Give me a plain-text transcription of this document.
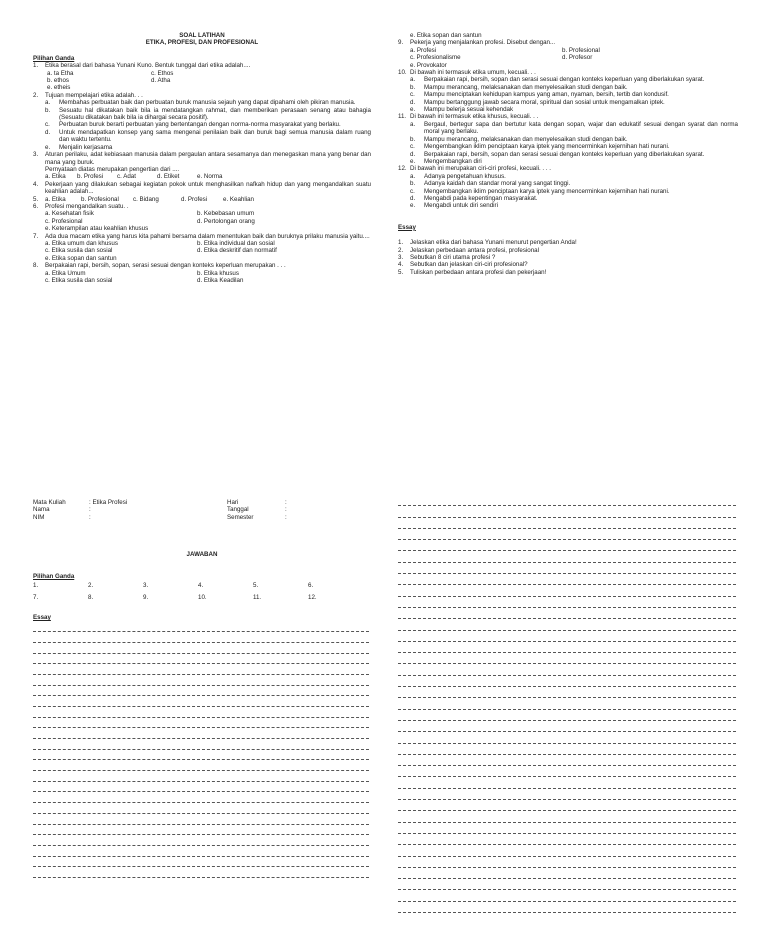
SOAL LATIHAN
ETIKA, PROFESI, DAN PROFESIONAL
Pilihan Ganda
1. Etika berasal dari bahasa Yunani Kuno. Bentuk tunggal dari etika adalah....
a. ta Etha	c. Ethos
b. ethos	d. Atha
e. etheis
2. Tujuan mempelajari etika adalah. . .
a. Membahas perbuatan baik dan perbuatan buruk manusia sejauh yang dapat dipahami oleh pikiran manusia.
b. Sesuatu hal dikatakan baik bila ia mendatangkan rahmat, dan memberikan perasaan senang atau bahagia (Sesuatu dikatakan baik bila ia dihargai secara positif).
c. Perbuatan buruk berarti perbuatan yang bertentangan dengan norma-norma masyarakat yang berlaku.
d. Untuk mendapatkan konsep yang sama mengenai penilaian baik dan buruk bagi semua manusia dalam ruang dan waktu tertentu.
e. Menjalin kerjasama
3. Aturan perilaku, adat kebiasaan manusia dalam pergaulan antara sesamanya dan menegaskan mana yang benar dan mana yang buruk.
Pernyataan diatas merupakan pengertian dari ....
a. Etika	b. Profesi	c. Adat	d. Etiket	e. Norma
4. Pekerjaan yang dilakukan sebagai kegiatan pokok untuk menghasilkan nafkah hidup dan yang mengandalkan suatu keahlian adalah...
5. a. Etika	b. Profesional	c. Bidang	d. Profesi	e. Keahlian
6. Profesi mengandalkan suatu. .
a. Kesehatan fisik	b. Kebebasan umum
c. Profesional	d. Pertolongan orang
e. Keterampilan atau keahlian khusus
7. Ada dua macam etika yang harus kita pahami bersama dalam menentukan baik dan buruknya prilaku manusia yaitu....
a. Etika umum dan khusus	b. Etika individual dan sosial
c. Etika susila dan sosial	d. Etika deskritif dan normatif
e. Etika sopan dan santun
8. Berpakaian rapi, bersih, sopan, serasi sesuai dengan konteks keperluan merupakan . . .
a. Etika Umum	b. Etika khusus
c. Etika susila dan sosial	d. Etika Keadilan
e. Etika sopan dan santun
9. Pekerja yang menjalankan profesi. Disebut dengan...
a. Profesi	b. Profesional
c. Profesionalisme	d. Profesor
e. Provokator
10. Di bawah ini termasuk etika umum, kecuali. . .
a. Berpakaian rapi, bersih, sopan dan serasi sesuai dengan konteks keperluan yang diberlakukan syarat.
b. Mampu merancang, melaksanakan dan menyelesaikan studi dengan baik.
c. Mampu menciptakan kehidupan kampus yang aman, nyaman, bersih, tertib dan kondusif.
d. Mampu bertanggung jawab secara moral, spiritual dan sosial untuk mengamalkan iptek.
e. Mampu belerja sesuai kehendak
11. Di bawah ini termasuk etika khusus, kecuali. . .
a. Bergaul, bertegur sapa dan bertutur kata dengan sopan, wajar dan edukatif sesuai dengan syarat dan norma moral yang berlaku.
b. Mampu merancang, melaksanakan dan menyelesaikan studi dengan baik.
c. Mengembangkan iklim penciptaan karya iptek yang mencerminkan kejernihan hati nurani.
d. Berpakaian rapi, bersih, sopan dan serasi sesuai dengan konteks keperluan yang diberlakukan syarat.
e. Mengembangkan diri
12. Di bawah ini merupakan ciri-ciri profesi, kecuali. . . .
a. Adanya pengetahuan khusus.
b. Adanya kaidah dan standar moral yang sangat tinggi.
c. Mengembangkan iklim penciptaan karya iptek yang mencerminkan kejernihan hati nurani.
d. Mengabdi pada kepentingan masyarakat.
e. Mengabdi untuk diri sendiri
Essay
1. Jelaskan etika dari bahasa Yunani menurut pengertian Anda!
2. Jelaskan perbedaan antara profesi, profesional
3. Sebutkan 8 ciri utama profesi ?
4. Sebutkan dan jelaskan ciri-ciri profesional?
5. Tuliskan perbedaan antara profesi dan pekerjaan!
Mata Kuliah	: Etika Profesi	Hari	:
Nama	:	Tanggal	:
NIM	:	Semester	:
JAWABAN
Pilihan Ganda
1.	2.	3.	4.	5.	6.
7.	8.	9.	10.	11.	12.
Essay
